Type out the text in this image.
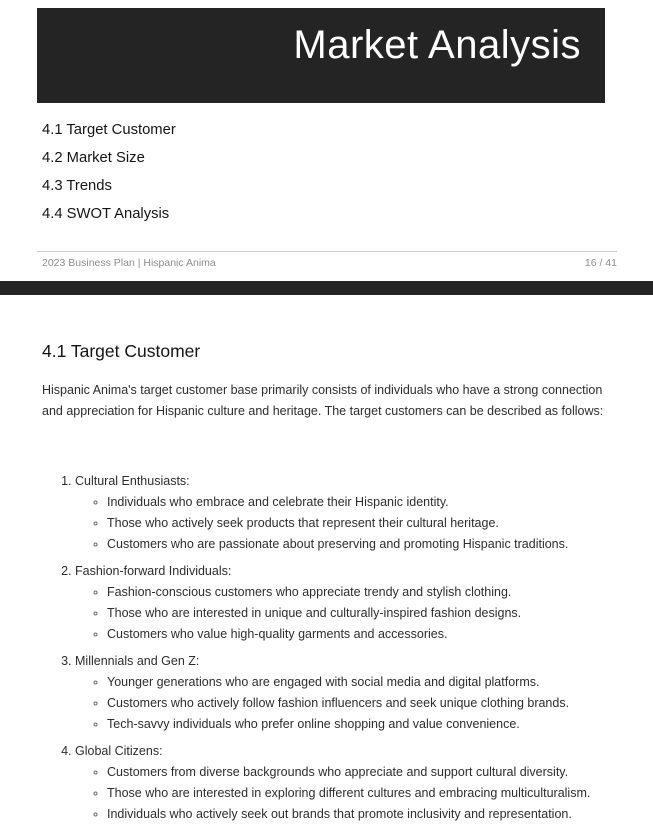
Market Analysis
4.1 Target Customer
4.2 Market Size
4.3 Trends
4.4 SWOT Analysis
2023 Business Plan | Hispanic Anima	16 / 41
4.1 Target Customer

Hispanic Anima's target customer base primarily consists of individuals who have a strong connection and appreciation for Hispanic culture and heritage. The target customers can be described as follows:

1. Cultural Enthusiasts:
◦ Individuals who embrace and celebrate their Hispanic identity.
◦ Those who actively seek products that represent their cultural heritage.
◦ Customers who are passionate about preserving and promoting Hispanic traditions.
2. Fashion-forward Individuals:
◦ Fashion-conscious customers who appreciate trendy and stylish clothing.
◦ Those who are interested in unique and culturally-inspired fashion designs.
◦ Customers who value high-quality garments and accessories.
3. Millennials and Gen Z:
◦ Younger generations who are engaged with social media and digital platforms.
◦ Customers who actively follow fashion influencers and seek unique clothing brands.
◦ Tech-savvy individuals who prefer online shopping and value convenience.
4. Global Citizens:
◦ Customers from diverse backgrounds who appreciate and support cultural diversity.
◦ Those who are interested in exploring different cultures and embracing multiculturalism.
◦ Individuals who actively seek out brands that promote inclusivity and representation.
